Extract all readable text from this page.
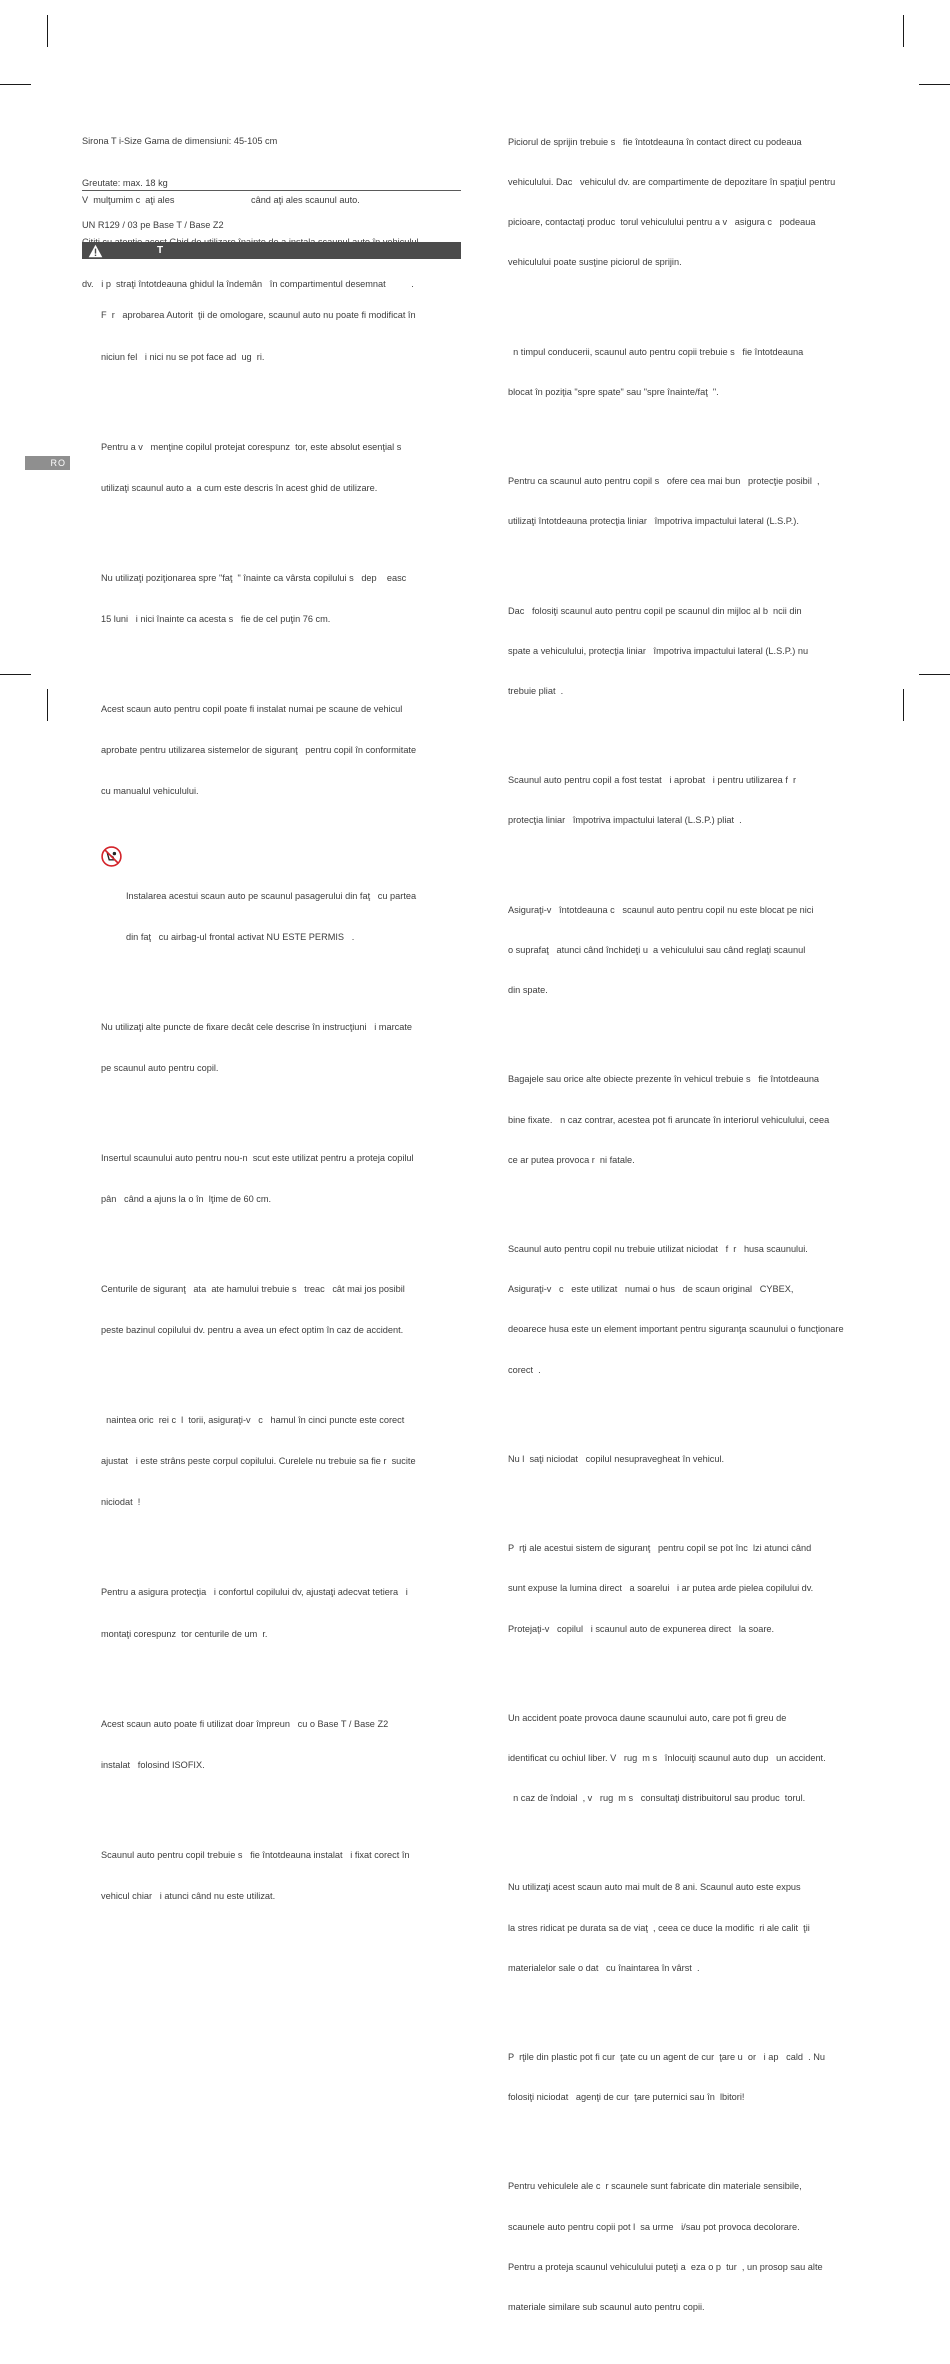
RO

Sirona T i-Size Gama de dimensiuni: 45-105 cm

Greutate: max. 18 kg

UN R129 / 03 pe Base T / Base Z2

V  mulţumim c  aţi ales                              când aţi ales scaunul auto.

dv.   i p  straţi întotdeauna ghidul la îndemân   în compartimentul desemnat          .

T

F  r   aprobarea Autorit  ţii de omologare, scaunul auto nu poate fi modificat în

niciun fel   i nici nu se pot face ad  ug  ri.

Pentru a v   menţine copilul protejat corespunz  tor, este absolut esenţial s

utilizaţi scaunul auto a  a cum este descris în acest ghid de utilizare.

Nu utilizaţi poziţionarea spre "faţ  " înainte ca vârsta copilului s   dep    easc

15 luni   i nici înainte ca acesta s   fie de cel puţin 76 cm.

Acest scaun auto pentru copil poate fi instalat numai pe scaune de vehicul

aprobate pentru utilizarea sistemelor de siguranţ   pentru copil în conformitate

cu manualul vehiculului.

Instalarea acestui scaun auto pe scaunul pasagerului din faţ   cu partea

din faţ   cu airbag-ul frontal activat NU ESTE PERMIS   .

Nu utilizaţi alte puncte de fixare decât cele descrise în instrucţiuni   i marcate

pe scaunul auto pentru copil.

Insertul scaunului auto pentru nou-n  scut este utilizat pentru a proteja copilul

pân   când a ajuns la o în  lţime de 60 cm.

Centurile de siguranţ   ata  ate hamului trebuie s   treac   cât mai jos posibil

peste bazinul copilului dv. pentru a avea un efect optim în caz de accident.

naintea oric  rei c  l  torii, asiguraţi-v   c   hamul în cinci puncte este corect

ajustat   i este strâns peste corpul copilului. Curelele nu trebuie sa fie r  sucite

niciodat  !

Pentru a asigura protecţia   i confortul copilului dv, ajustaţi adecvat tetiera   i

montaţi corespunz  tor centurile de um  r.

Acest scaun auto poate fi utilizat doar împreun   cu o Base T / Base Z2

instalat   folosind ISOFIX.

Scaunul auto pentru copil trebuie s   fie întotdeauna instalat   i fixat corect în

vehicul chiar   i atunci când nu este utilizat.

Piciorul de sprijin trebuie s   fie întotdeauna în contact direct cu podeaua

vehiculului. Dac   vehiculul dv. are compartimente de depozitare în spaţiul pentru

picioare, contactaţi produc  torul vehiculului pentru a v   asigura c   podeaua

vehiculului poate susţine piciorul de sprijin.

n timpul conducerii, scaunul auto pentru copii trebuie s   fie întotdeauna

blocat în poziţia "spre spate" sau "spre înainte/faţ  ".

Pentru ca scaunul auto pentru copil s   ofere cea mai bun   protecţie posibil  ,

utilizaţi întotdeauna protecţia liniar   împotriva impactului lateral (L.S.P.).

Dac   folosiţi scaunul auto pentru copil pe scaunul din mijloc al b  ncii din

spate a vehiculului, protecţia liniar   împotriva impactului lateral (L.S.P.) nu

trebuie pliat  .

Scaunul auto pentru copil a fost testat   i aprobat   i pentru utilizarea f  r

protecţia liniar   împotriva impactului lateral (L.S.P.) pliat  .

Asiguraţi-v   întotdeauna c   scaunul auto pentru copil nu este blocat pe nici

o suprafaţ   atunci când închideţi u  a vehiculului sau când reglaţi scaunul

din spate.

Bagajele sau orice alte obiecte prezente în vehicul trebuie s   fie întotdeauna

bine fixate.   n caz contrar, acestea pot fi aruncate în interiorul vehiculului, ceea

ce ar putea provoca r  ni fatale.

Scaunul auto pentru copil nu trebuie utilizat niciodat   f  r   husa scaunului.

Asiguraţi-v   c   este utilizat   numai o hus   de scaun original   CYBEX,

deoarece husa este un element important pentru siguranţa scaunului o funcţionare

corect  .

Nu l  saţi niciodat   copilul nesupravegheat în vehicul.

P  rţi ale acestui sistem de siguranţ   pentru copil se pot înc  lzi atunci când

sunt expuse la lumina direct   a soarelui   i ar putea arde pielea copilului dv.

Protejaţi-v   copilul   i scaunul auto de expunerea direct   la soare.

Un accident poate provoca daune scaunului auto, care pot fi greu de

identificat cu ochiul liber. V   rug  m s   înlocuiţi scaunul auto dup   un accident.

n caz de îndoial  , v   rug  m s   consultaţi distribuitorul sau produc  torul.

Nu utilizaţi acest scaun auto mai mult de 8 ani. Scaunul auto este expus

la stres ridicat pe durata sa de viaţ  , ceea ce duce la modific  ri ale calit  ţii

materialelor sale o dat   cu înaintarea în vârst  .

P  rţile din plastic pot fi cur  ţate cu un agent de cur  ţare u  or   i ap   cald  . Nu

folosiţi niciodat   agenţi de cur  ţare puternici sau în  lbitori!

Pentru vehiculele ale c  r scaunele sunt fabricate din materiale sensibile,

scaunele auto pentru copii pot l  sa urme   i/sau pot provoca decolorare.

Pentru a proteja scaunul vehiculului puteţi a  eza o p  tur  , un prosop sau alte

materiale similare sub scaunul auto pentru copii.
